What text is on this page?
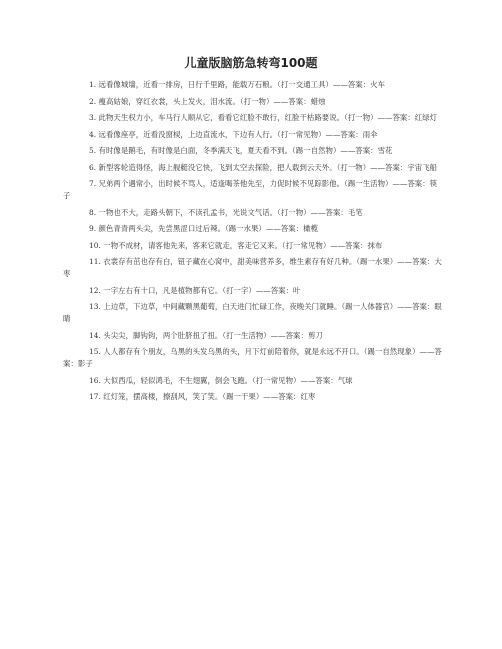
儿童版脑筋急转弯100题

1. 远看像城墙，近看一排房，日行千里路，能载万石粮。（打一交通工具）——答案：火车

2. 瘦高姑娘，穿红衣裳，头上发火，泪水流。（打一物）——答案：蜡烛

3. 此物天生权力小，车马行人顺从它，看看它红脸不敢行，红脸干枯路要说。（打一物）——答案：红绿灯

4. 远看像座亭，近看没窗棂，上边直流水，下边有人行。（打一常见物）——答案：雨伞

5. 有时像是鹅毛，有时像是白面，冬季满天飞，夏天看不到。（踢一自然物）——答案：雪花

6. 新型客轮造得怪，海上舰艇没它快，飞到太空去探险，把人载到云天外。（打一物）——答案：宇宙飞船

7. 兄弟两个遇常小，出时候不骂人，适逢喝茶他先至，力促时候不见踪影他。（踢一生活物）——答案：筷子

8. 一物也不大，走路头朝下，不读孔孟书，光说文气话。（打一物）——答案：毛笔

9. 颜色青青两头尖，先尝黑涩口过后辣。（踢一水果）——答案：橄榄

10. 一物不成材，请客他先来，客来它就走，客走它又来。（打一常见物）——答案：抹布

11. 衣裳存有茁也存有白，钮子藏在心窝中，甜美味营养多，维生素存有好几种。（踢一水果）——答案：大枣

12. 一字左右有十口，凡是植物都有它。（打一字）——答案：叶

13. 上边草，下边草，中间藏颗黑葡萄，白天进门忙碌工作，夜晚关门就睡。（踢一人体器官）——答案：眼睛

14. 头尖尖，脚钩钩，两个肚脐扭了扭。（打一生活物）——答案：剪刀

15. 人人都存有个朋友，乌黑的头发乌黑的头，月下灯前陪着你，就是永远不开口。（踢一自然现象）——答案：影子

16. 大似西瓜，轻似鸿毛，不生翅翼，倒会飞跑。（打一常见物）——答案：气球

17. 红灯笼，摆高楼，擦刮风，笑了笑。（踢一干果）——答案：红枣
